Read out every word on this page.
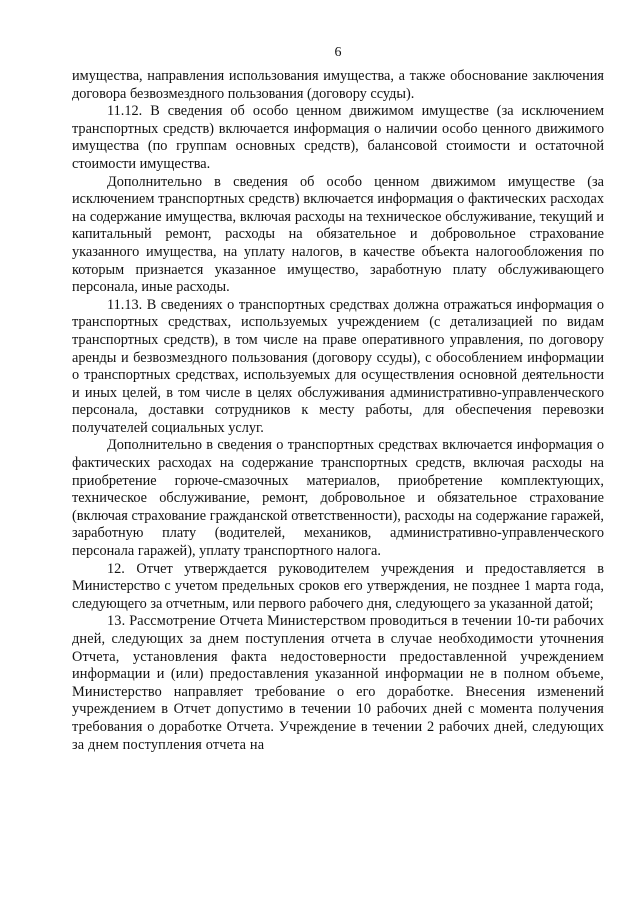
6

имущества, направления использования имущества, а также обоснование заключения договора безвозмездного пользования (договору ссуды).

11.12. В сведения об особо ценном движимом имуществе (за исключением транспортных средств) включается информация о наличии особо ценного движимого имущества (по группам основных средств), балансовой стоимости и остаточной стоимости имущества.

Дополнительно в сведения об особо ценном движимом имуществе (за исключением транспортных средств) включается информация о фактических расходах на содержание имущества, включая расходы на техническое обслуживание, текущий и капитальный ремонт, расходы на обязательное и добровольное страхование указанного имущества, на уплату налогов, в качестве объекта налогообложения по которым признается указанное имущество, заработную плату обслуживающего персонала, иные расходы.

11.13. В сведениях о транспортных средствах должна отражаться информация о транспортных средствах, используемых учреждением (с детализацией по видам транспортных средств), в том числе на праве оперативного управления, по договору аренды и безвозмездного пользования (договору ссуды), с обособлением информации о транспортных средствах, используемых для осуществления основной деятельности и иных целей, в том числе в целях обслуживания административно-управленческого персонала, доставки сотрудников к месту работы, для обеспечения перевозки получателей социальных услуг.

Дополнительно в сведения о транспортных средствах включается информация о фактических расходах на содержание транспортных средств, включая расходы на приобретение горюче-смазочных материалов, приобретение комплектующих, техническое обслуживание, ремонт, добровольное и обязательное страхование (включая страхование гражданской ответственности), расходы на содержание гаражей, заработную плату (водителей, механиков, административно-управленческого персонала гаражей), уплату транспортного налога.

12. Отчет утверждается руководителем учреждения и предоставляется в Министерство с учетом предельных сроков его утверждения, не позднее 1 марта года, следующего за отчетным, или первого рабочего дня, следующего за указанной датой;

13. Рассмотрение Отчета Министерством проводиться в течении 10-ти рабочих дней, следующих за днем поступления отчета в случае необходимости уточнения Отчета, установления факта недостоверности предоставленной учреждением информации и (или) предоставления указанной информации не в полном объеме, Министерство направляет требование о его доработке. Внесения изменений учреждением в Отчет допустимо в течении 10 рабочих дней с момента получения требования о доработке Отчета. Учреждение в течении 2 рабочих дней, следующих за днем поступления отчета на
